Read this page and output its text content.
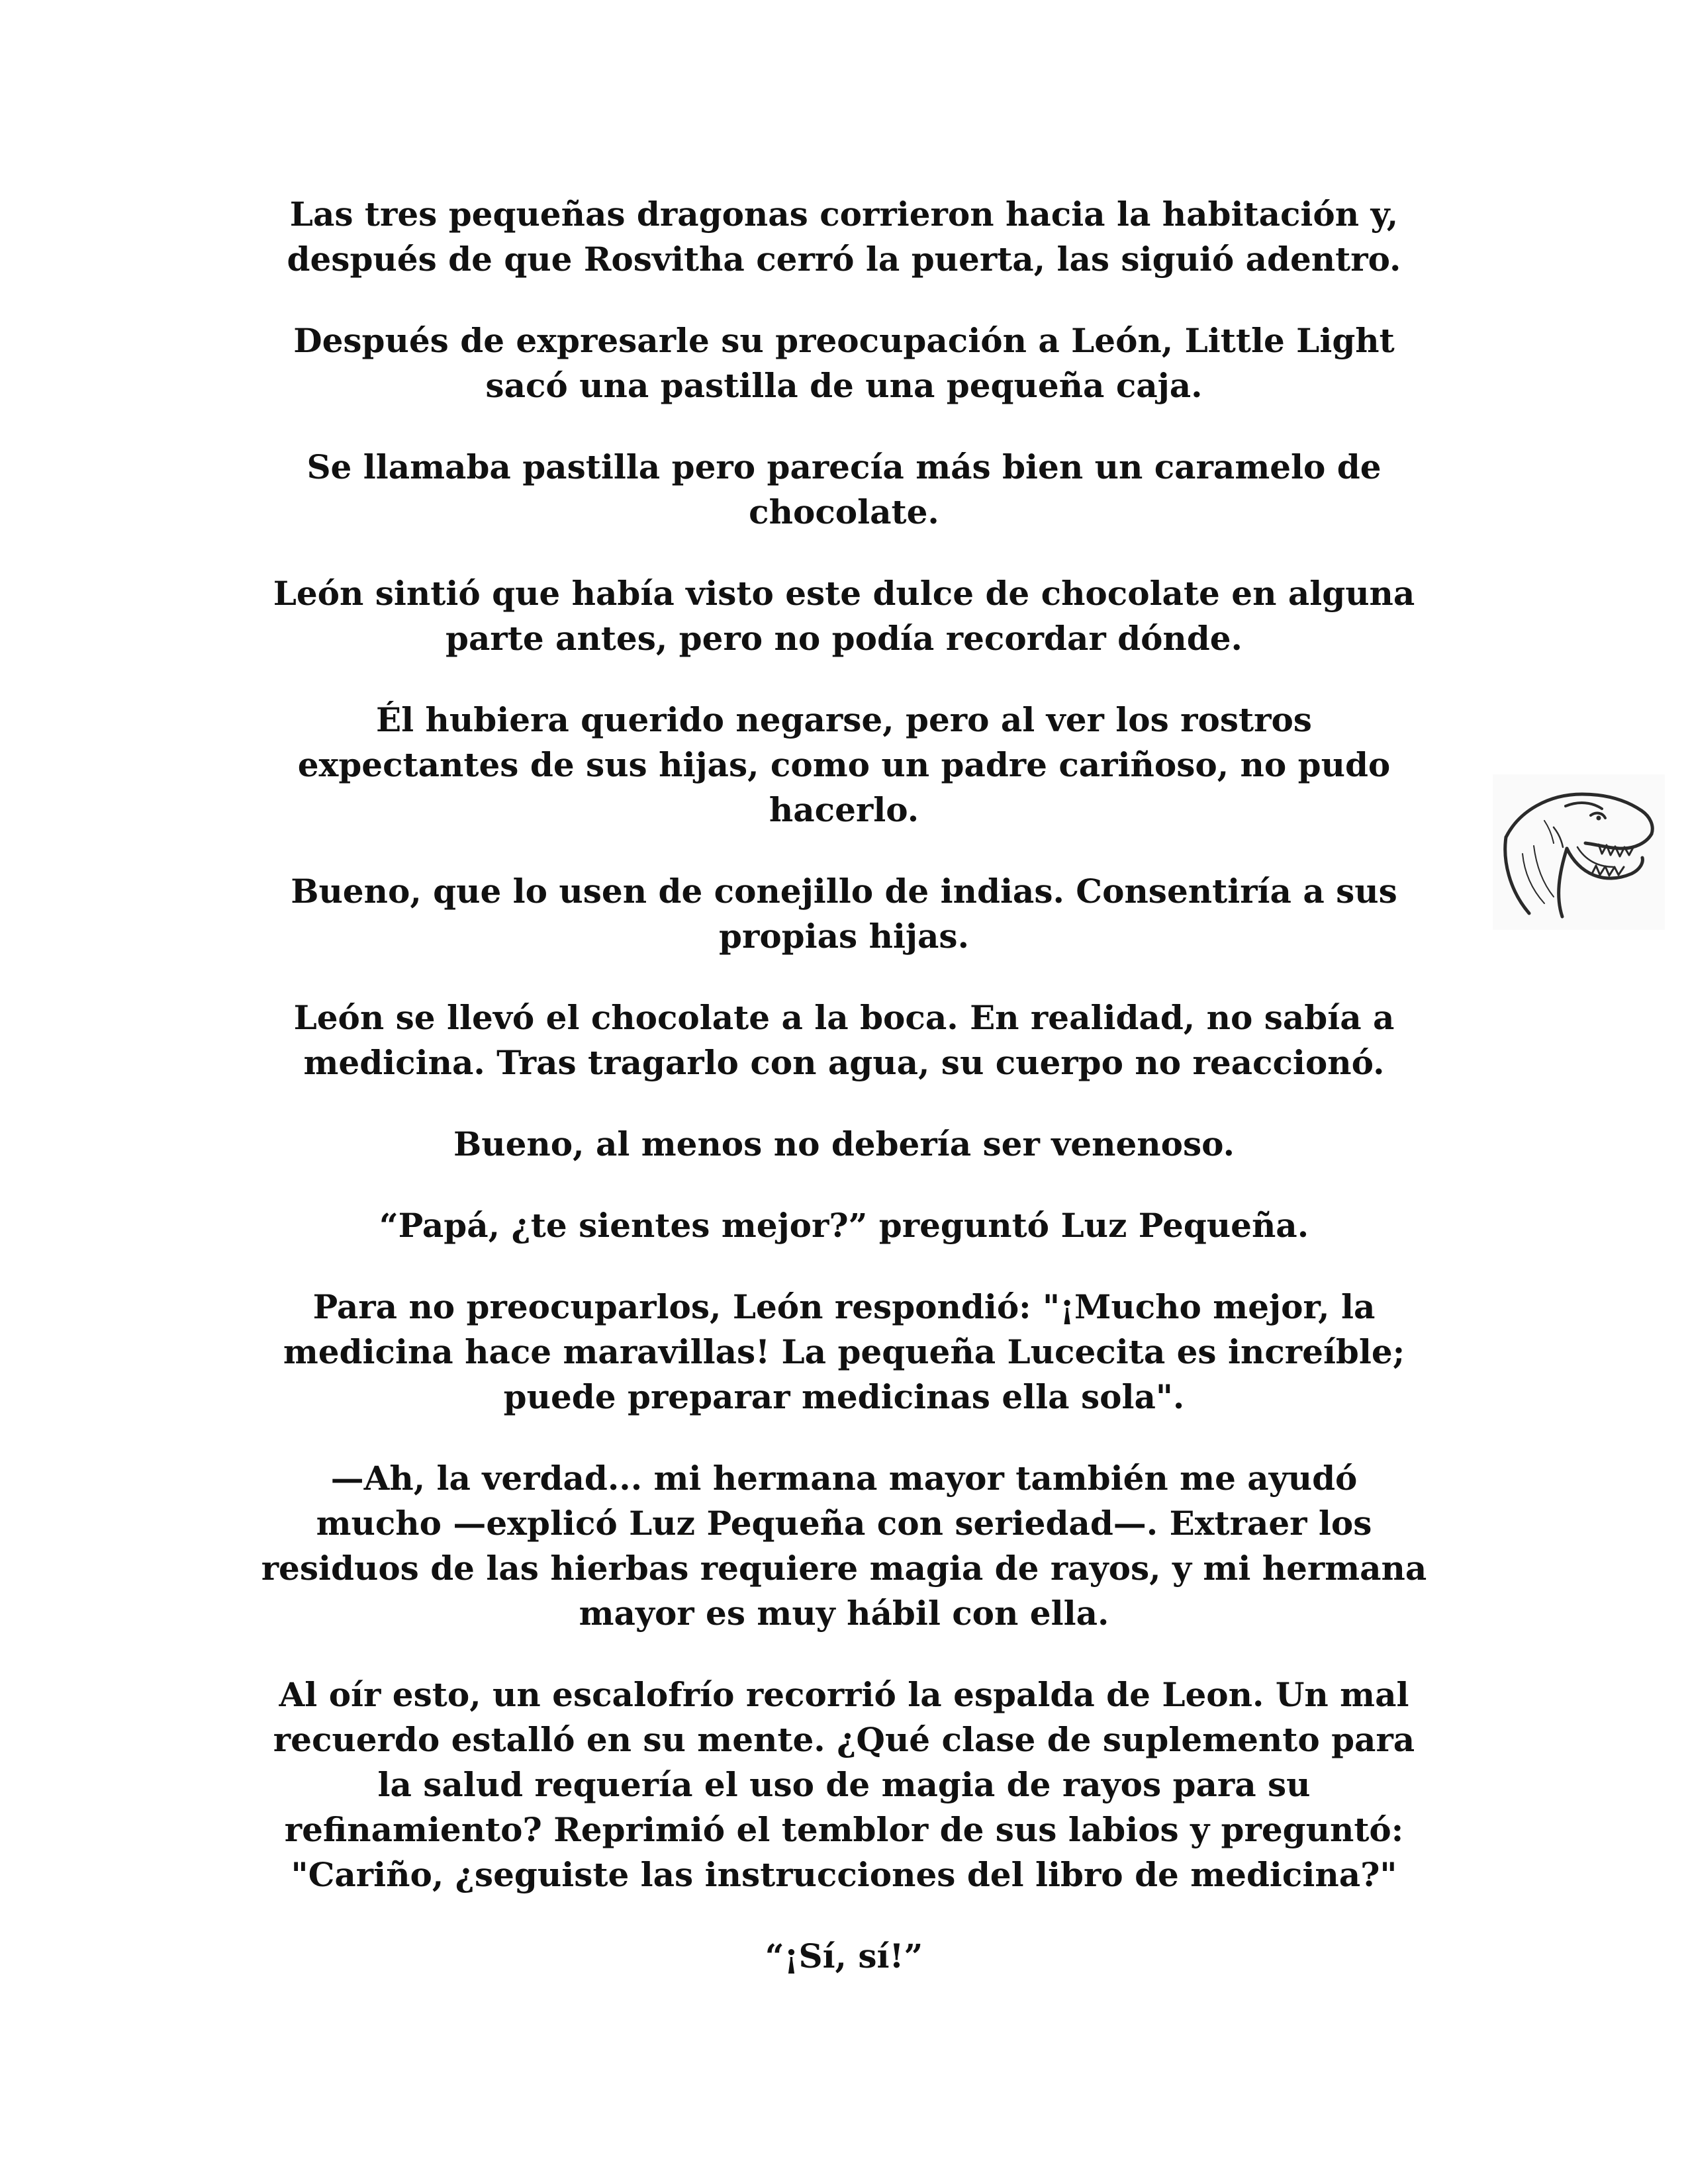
Las tres pequeñas dragonas corrieron hacia la habitación y,
después de que Rosvitha cerró la puerta, las siguió adentro.

Después de expresarle su preocupación a León, Little Light
sacó una pastilla de una pequeña caja.

Se llamaba pastilla pero parecía más bien un caramelo de
chocolate.

León sintió que había visto este dulce de chocolate en alguna
parte antes, pero no podía recordar dónde.

Él hubiera querido negarse, pero al ver los rostros
expectantes de sus hijas, como un padre cariñoso, no pudo
hacerlo.

Bueno, que lo usen de conejillo de indias. Consentiría a sus
propias hijas.

León se llevó el chocolate a la boca. En realidad, no sabía a
medicina. Tras tragarlo con agua, su cuerpo no reaccionó.

Bueno, al menos no debería ser venenoso.

“Papá, ¿te sientes mejor?” preguntó Luz Pequeña.

Para no preocuparlos, León respondió: "¡Mucho mejor, la
medicina hace maravillas! La pequeña Lucecita es increíble;
puede preparar medicinas ella sola".

—Ah, la verdad... mi hermana mayor también me ayudó
mucho —explicó Luz Pequeña con seriedad—. Extraer los
residuos de las hierbas requiere magia de rayos, y mi hermana
mayor es muy hábil con ella.

Al oír esto, un escalofrío recorrió la espalda de Leon. Un mal
recuerdo estalló en su mente. ¿Qué clase de suplemento para
la salud requería el uso de magia de rayos para su
refinamiento? Reprimió el temblor de sus labios y preguntó:
"Cariño, ¿seguiste las instrucciones del libro de medicina?"

“¡Sí, sí!”
